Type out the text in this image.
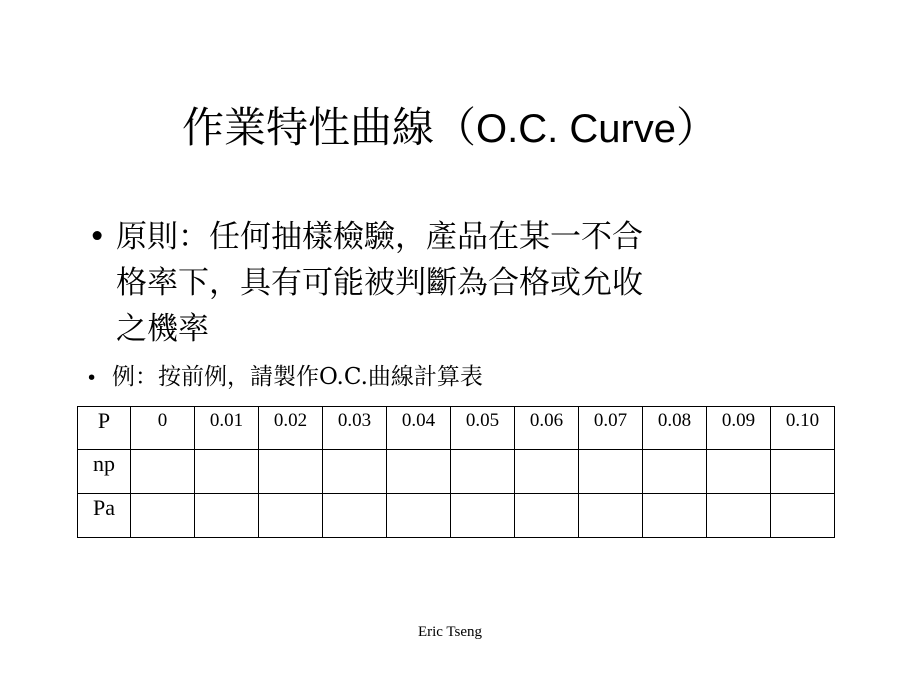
作業特性曲線（O.C. Curve）
• 原則：任何抽樣檢驗，產品在某一不合
格率下，具有可能被判斷為合格或允收
之機率
• 例：按前例，請製作O.C.曲線計算表
P	0	0.01	0.02	0.03	0.04	0.05	0.06	0.07	0.08	0.09	0.10
np											
Pa											
Eric Tseng
